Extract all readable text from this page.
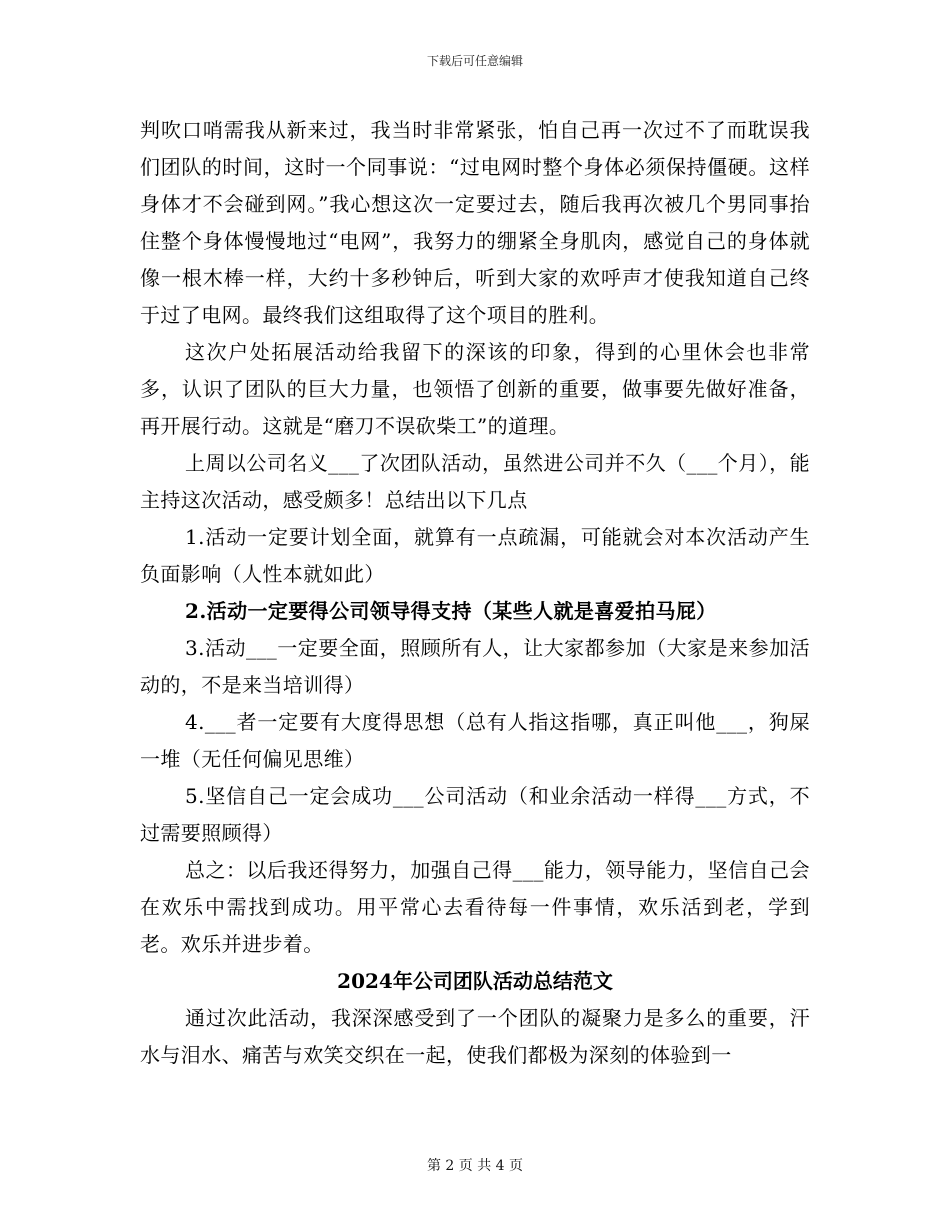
下载后可任意编辑

判吹口哨需我从新来过，我当时非常紧张，怕自己再一次过不了而耽误我们团队的时间，这时一个同事说：“过电网时整个身体必须保持僵硬。这样身体才不会碰到网。”我心想这次一定要过去，随后我再次被几个男同事抬住整个身体慢慢地过“电网”，我努力的绷紧全身肌肉，感觉自己的身体就像一根木棒一样，大约十多秒钟后，听到大家的欢呼声才使我知道自己终于过了电网。最终我们这组取得了这个项目的胜利。

这次户处拓展活动给我留下的深该的印象，得到的心里休会也非常多，认识了团队的巨大力量，也领悟了创新的重要，做事要先做好准备，再开展行动。这就是“磨刀不误砍柴工”的道理。

上周以公司名义___了次团队活动，虽然进公司并不久（___个月），能主持这次活动，感受颇多！总结出以下几点

1.活动一定要计划全面，就算有一点疏漏，可能就会对本次活动产生负面影响（人性本就如此）

2.活动一定要得公司领导得支持（某些人就是喜爱拍马屁）

3.活动___一定要全面，照顾所有人，让大家都参加（大家是来参加活动的，不是来当培训得）

4.___者一定要有大度得思想（总有人指这指哪，真正叫他___，狗屎一堆（无任何偏见思维）

5.坚信自己一定会成功___公司活动（和业余活动一样得___方式，不过需要照顾得）

总之：以后我还得努力，加强自己得___能力，领导能力，坚信自己会在欢乐中需找到成功。用平常心去看待每一件事情，欢乐活到老，学到老。欢乐并进步着。

2024年公司团队活动总结范文

通过次此活动，我深深感受到了一个团队的凝聚力是多么的重要，汗水与泪水、痛苦与欢笑交织在一起，使我们都极为深刻的体验到一

第 2 页 共 4 页
